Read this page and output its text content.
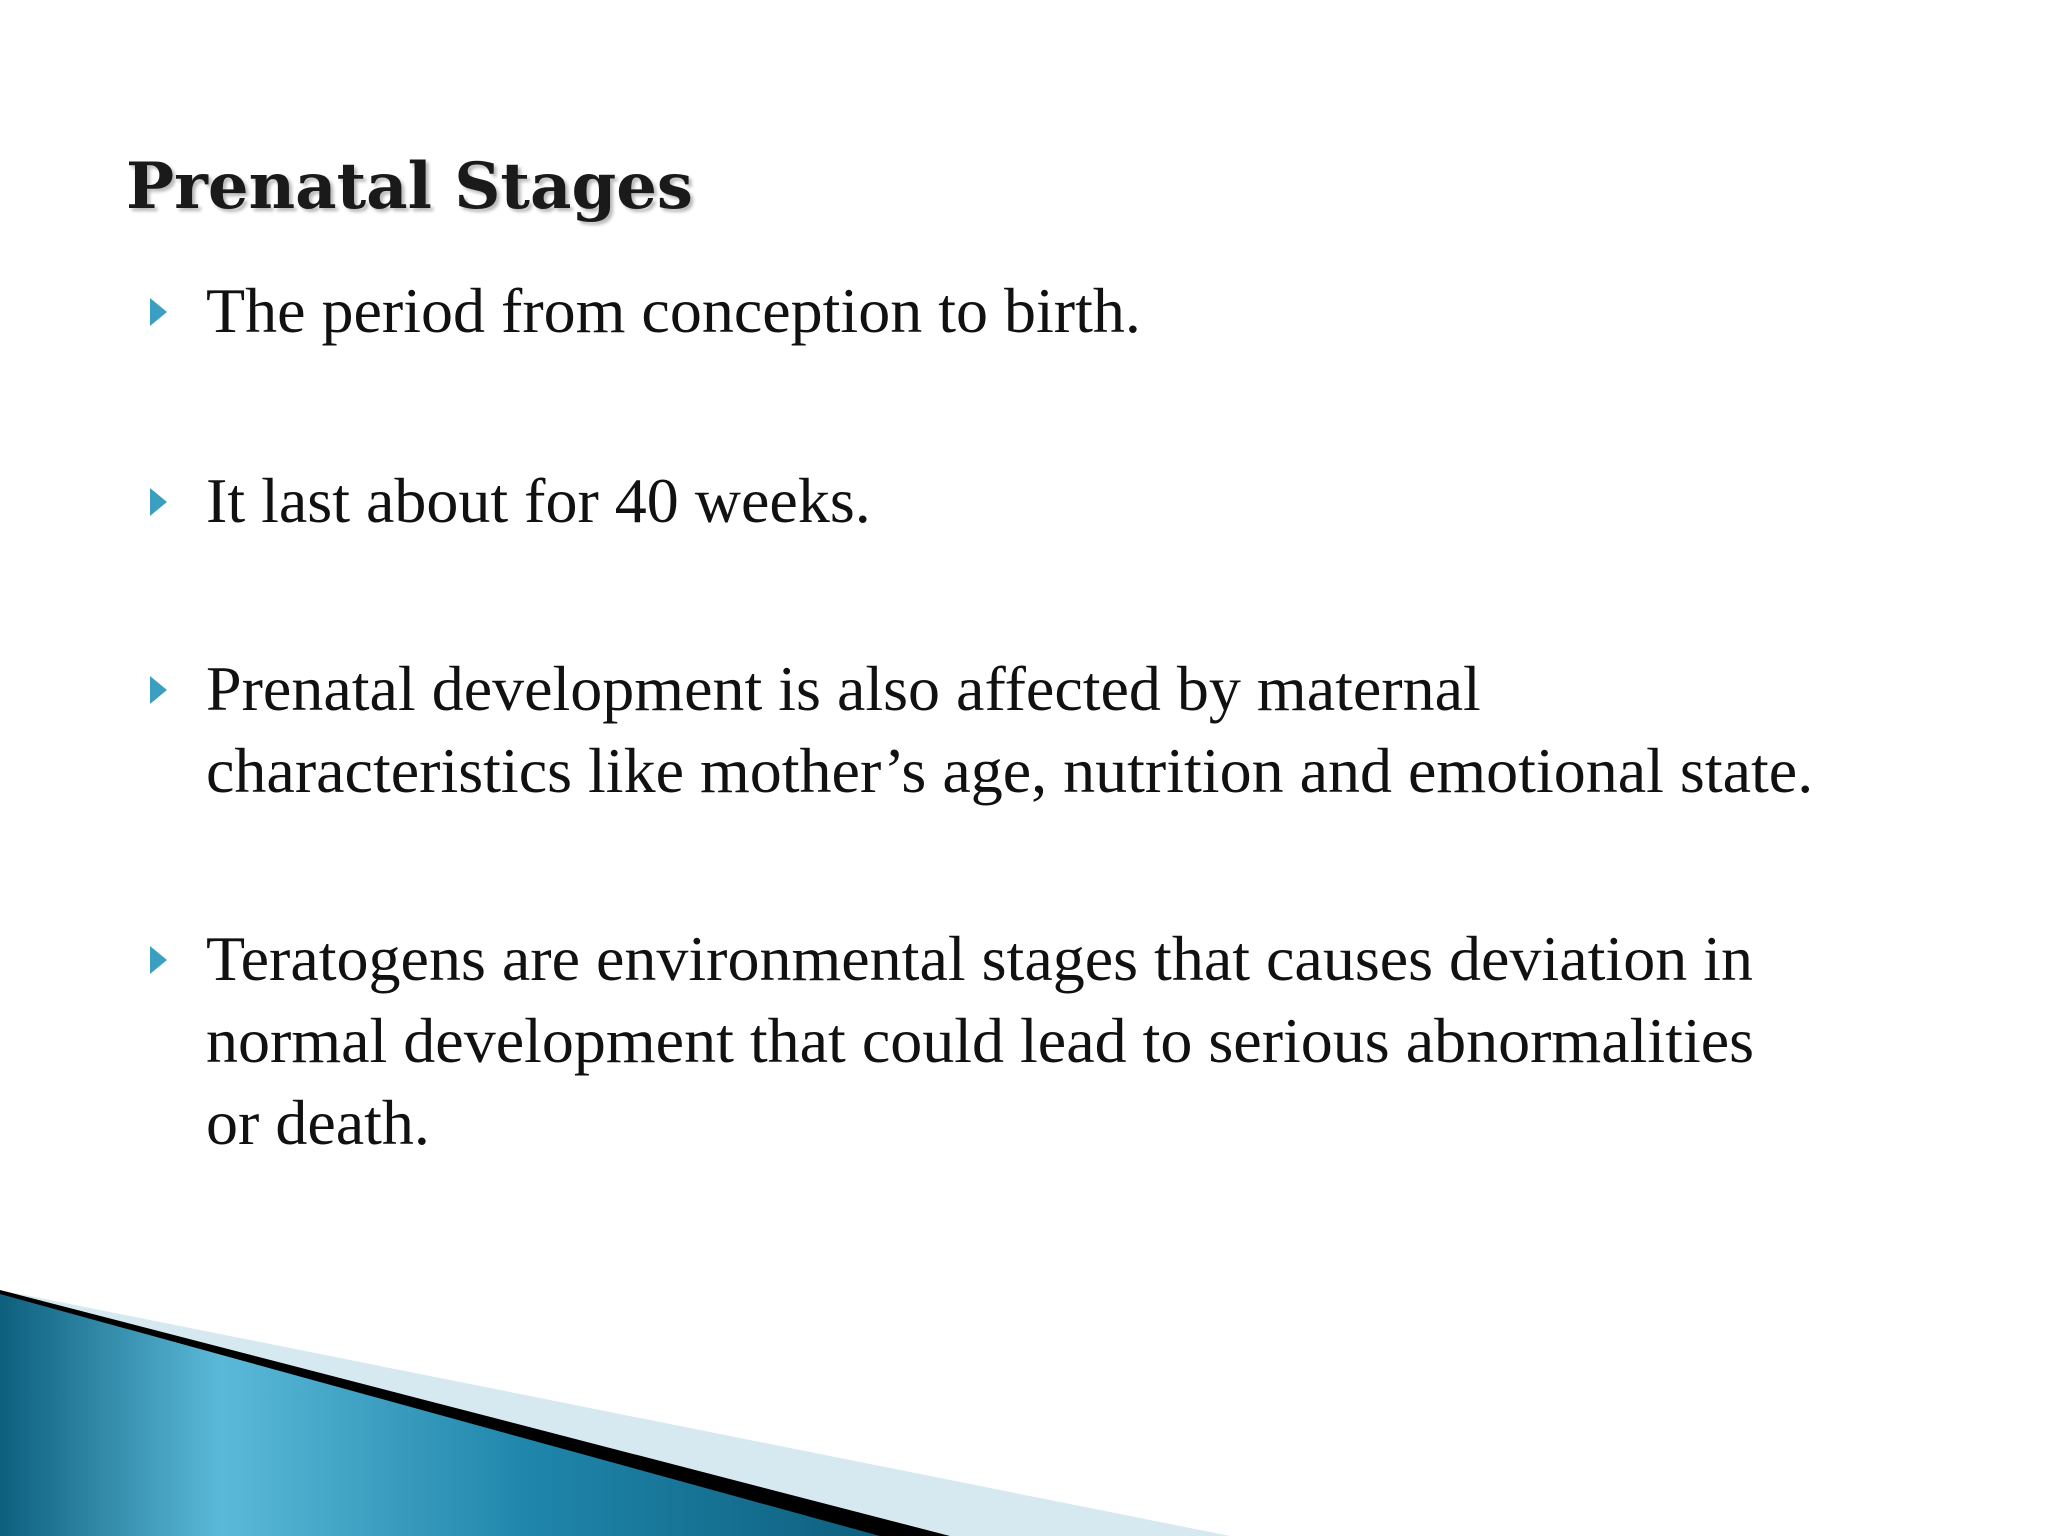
Prenatal Stages
The period from conception to birth.
It last about for 40 weeks.
Prenatal development is also affected by maternal
characteristics like mother’s age, nutrition and emotional state.
Teratogens are environmental stages that causes deviation in
normal development that could lead to serious abnormalities
or death.
